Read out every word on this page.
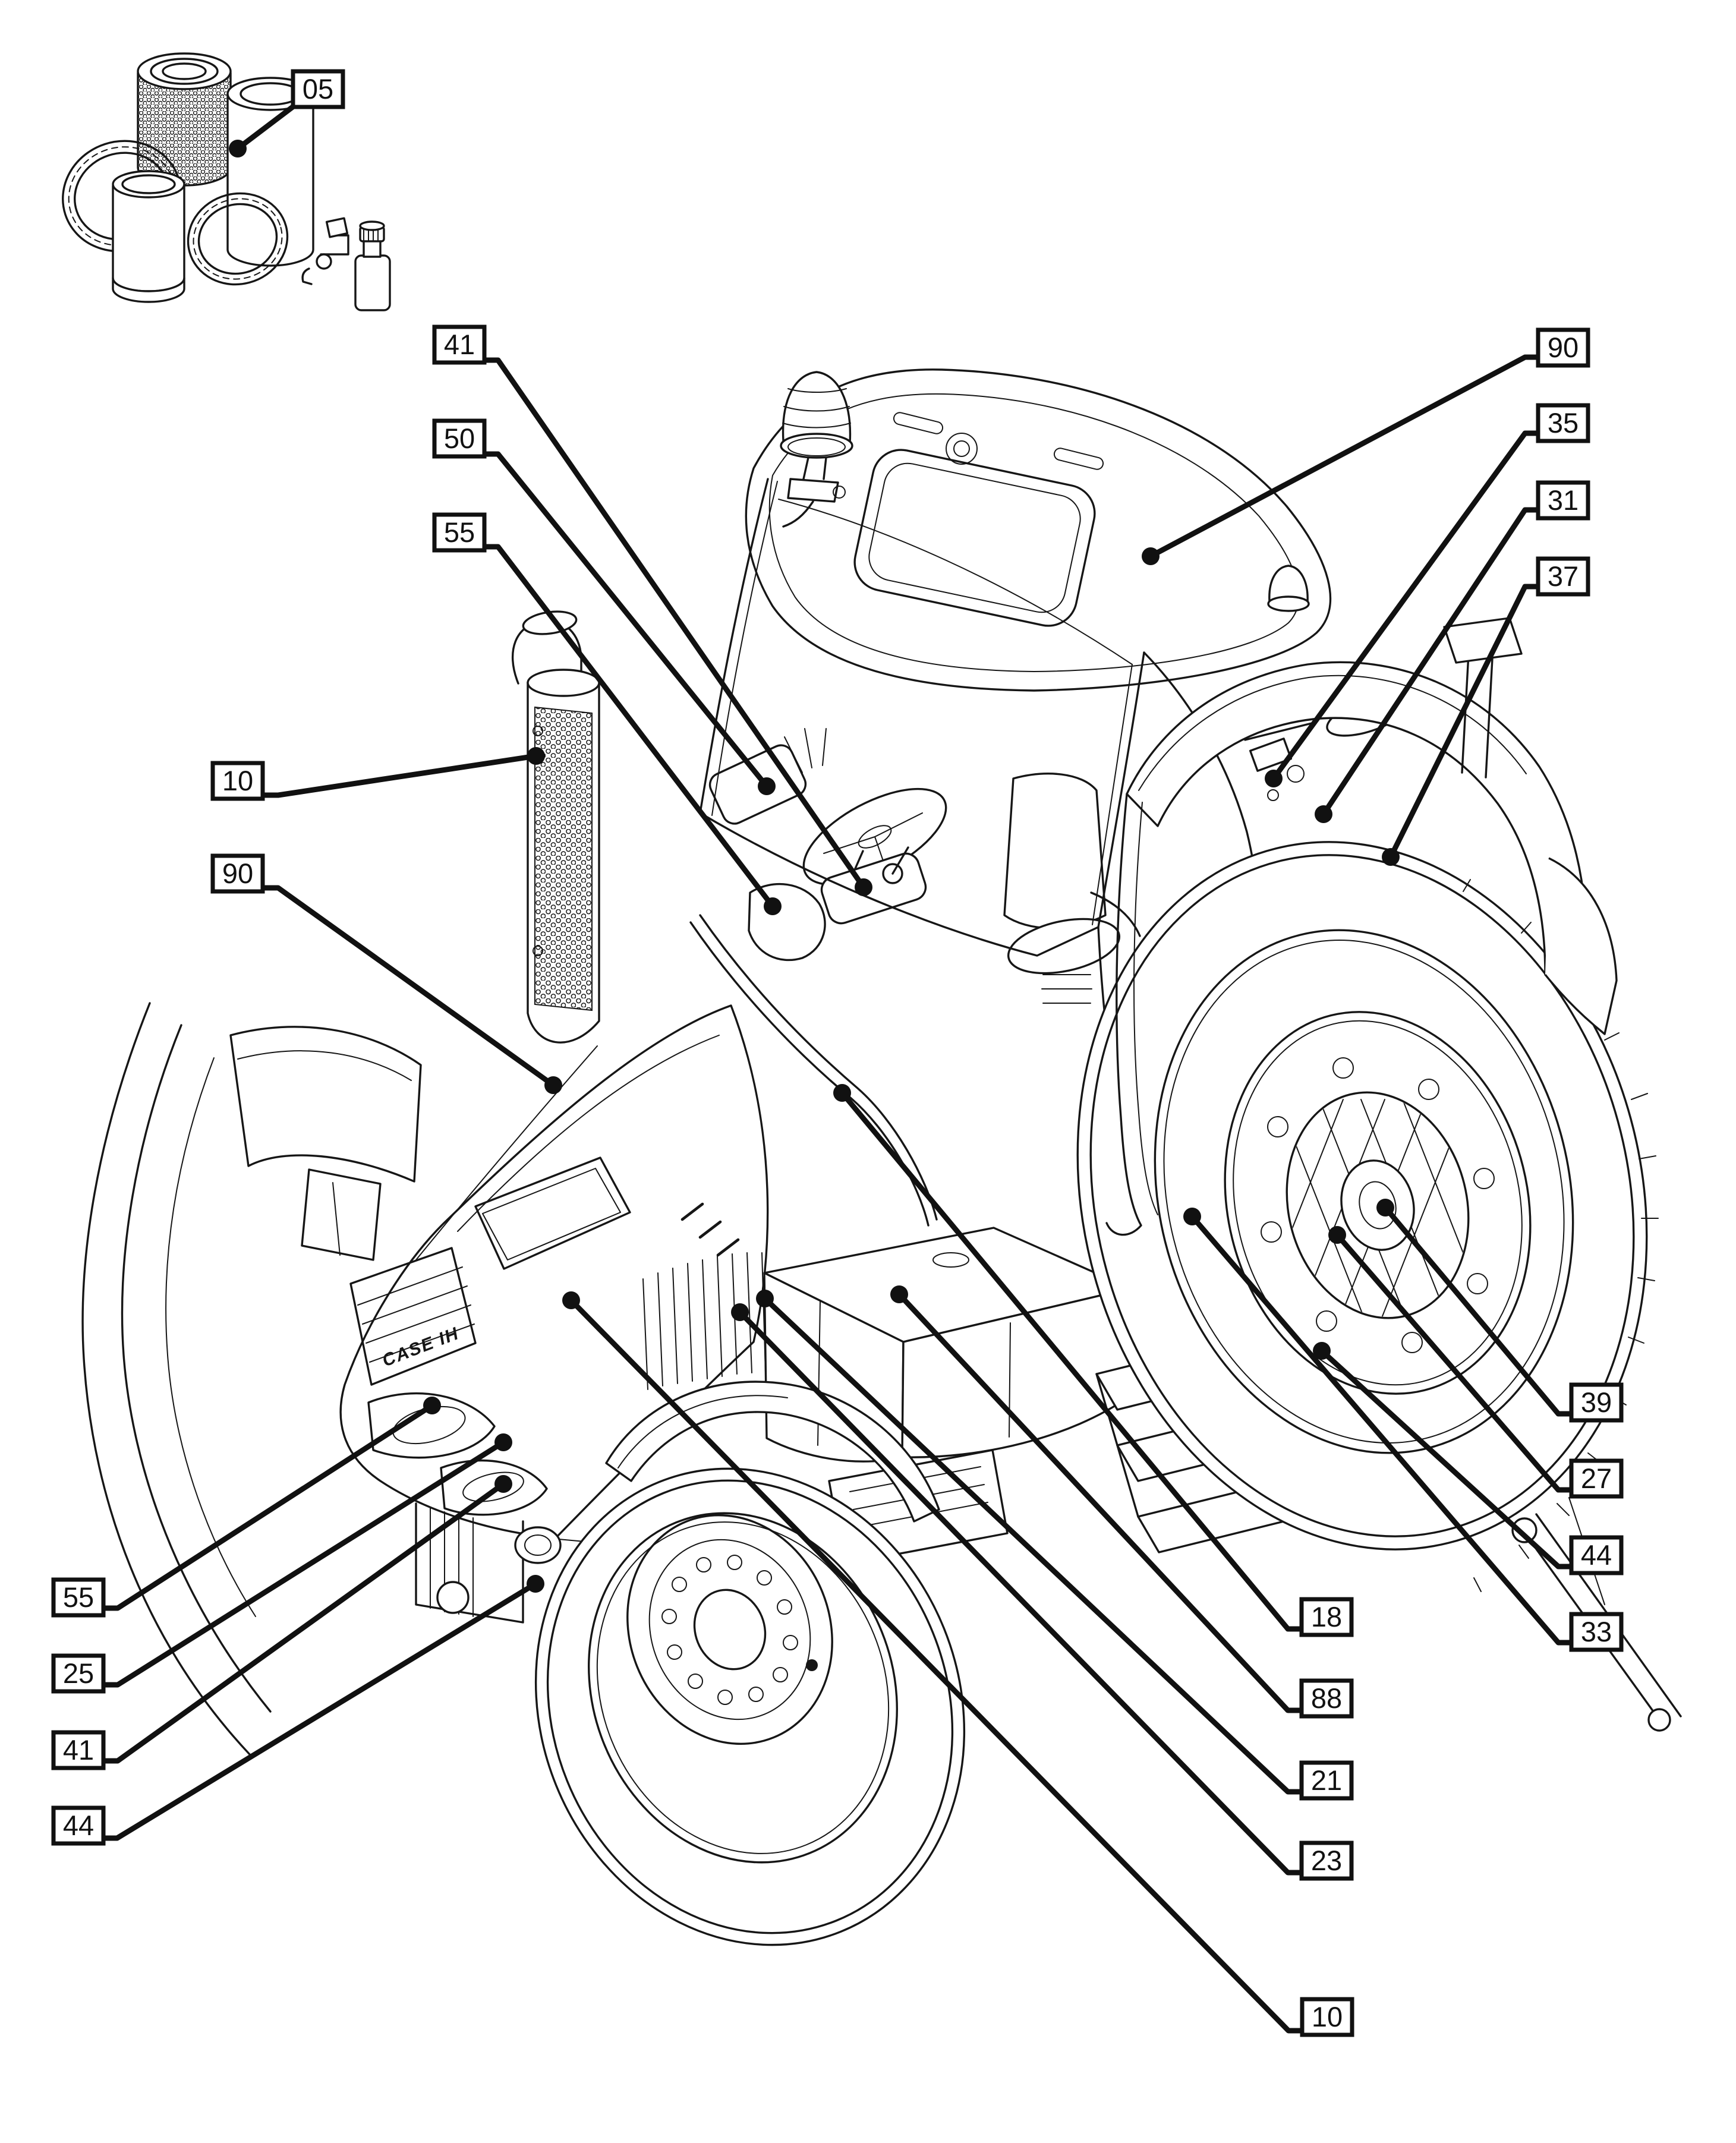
CASE IH
05
41
50
55
10
90
90
35
31
37
39
27
44
33
18
88
21
23
10
55
25
41
44
